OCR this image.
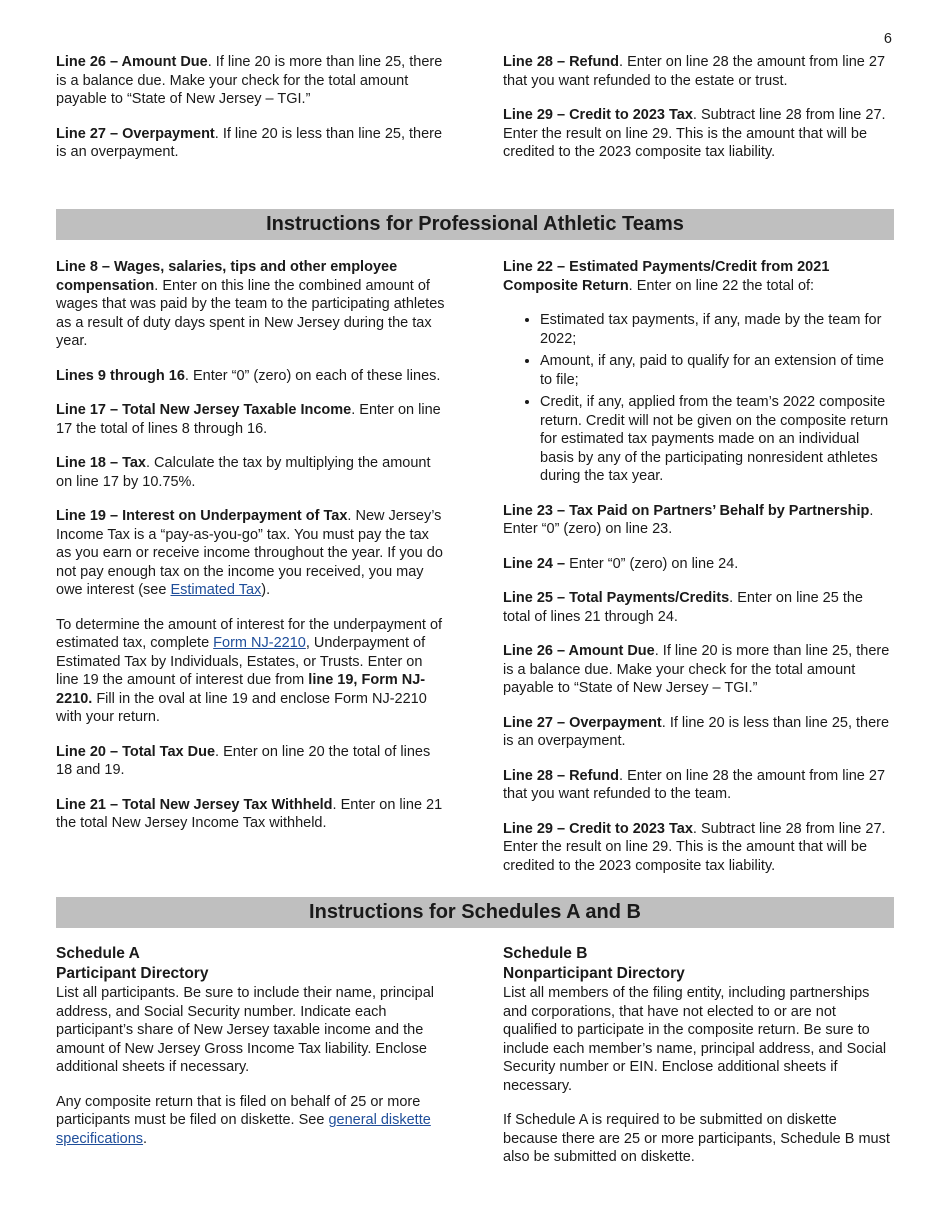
6

Line 26 – Amount Due. If line 20 is more than line 25, there is a balance due. Make your check for the total amount payable to “State of New Jersey – TGI.”

Line 27 – Overpayment. If line 20 is less than line 25, there is an overpayment.

Line 28 – Refund. Enter on line 28 the amount from line 27 that you want refunded to the estate or trust.

Line 29 – Credit to 2023 Tax. Subtract line 28 from line 27. Enter the result on line 29. This is the amount that will be credited to the 2023 composite tax liability.

Instructions for Professional Athletic Teams

Line 8 – Wages, salaries, tips and other employee compensation. Enter on this line the combined amount of wages that was paid by the team to the participating athletes as a result of duty days spent in New Jersey during the tax year.

Lines 9 through 16. Enter “0” (zero) on each of these lines.

Line 17 – Total New Jersey Taxable Income. Enter on line 17 the total of lines 8 through 16.

Line 18 – Tax. Calculate the tax by multiplying the amount on line 17 by 10.75%.

Line 19 – Interest on Underpayment of Tax. New Jersey’s Income Tax is a “pay-as-you-go” tax. You must pay the tax as you earn or receive income throughout the year. If you do not pay enough tax on the income you received, you may owe interest (see Estimated Tax).

To determine the amount of interest for the underpayment of estimated tax, complete Form NJ-2210, Underpayment of Estimated Tax by Individuals, Estates, or Trusts. Enter on line 19 the amount of interest due from line 19, Form NJ-2210. Fill in the oval at line 19 and enclose Form NJ-2210 with your return.

Line 20 – Total Tax Due. Enter on line 20 the total of lines 18 and 19.

Line 21 – Total New Jersey Tax Withheld. Enter on line 21 the total New Jersey Income Tax withheld.

Line 22 – Estimated Payments/Credit from 2021 Composite Return. Enter on line 22 the total of:

• Estimated tax payments, if any, made by the team for 2022;
• Amount, if any, paid to qualify for an extension of time to file;
• Credit, if any, applied from the team’s 2022 composite return. Credit will not be given on the composite return for estimated tax payments made on an individual basis by any of the participating nonresident athletes during the tax year.

Line 23 – Tax Paid on Partners’ Behalf by Partnership. Enter “0” (zero) on line 23.

Line 24 – Enter “0” (zero) on line 24.

Line 25 – Total Payments/Credits. Enter on line 25 the total of lines 21 through 24.

Line 26 – Amount Due. If line 20 is more than line 25, there is a balance due. Make your check for the total amount payable to “State of New Jersey – TGI.”

Line 27 – Overpayment. If line 20 is less than line 25, there is an overpayment.

Line 28 – Refund. Enter on line 28 the amount from line 27 that you want refunded to the team.

Line 29 – Credit to 2023 Tax. Subtract line 28 from line 27. Enter the result on line 29. This is the amount that will be credited to the 2023 composite tax liability.

Instructions for Schedules A and B
Schedule A
Participant Directory

List all participants. Be sure to include their name, principal address, and Social Security number. Indicate each participant’s share of New Jersey taxable income and the amount of New Jersey Gross Income Tax liability. Enclose additional sheets if necessary.

Any composite return that is filed on behalf of 25 or more participants must be filed on diskette. See general diskette specifications.

Schedule B
Nonparticipant Directory

List all members of the filing entity, including partnerships and corporations, that have not elected to or are not qualified to participate in the composite return. Be sure to include each member’s name, principal address, and Social Security number or EIN. Enclose additional sheets if necessary.

If Schedule A is required to be submitted on diskette because there are 25 or more participants, Schedule B must also be submitted on diskette.
